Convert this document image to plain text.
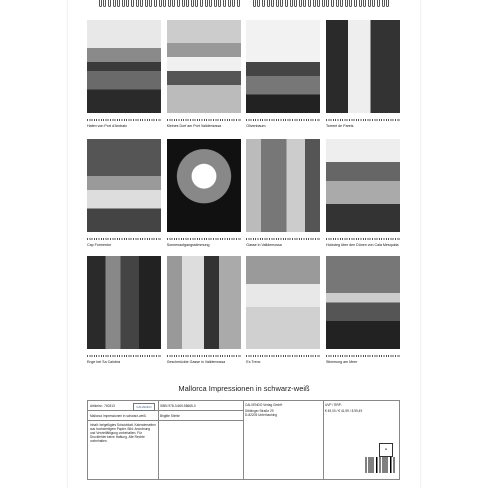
Hafen von Port d'Andratx	Kleines Dorf am Port Valldemossa	Olivenbaum	Torrent de Pareis
Cap Formentor	Sonnenaufgangsstimmung	Gasse in Valldemossa	Holzsteg über den Dünen von Cala Mesquida
Enge bei Sa Calobra	Geschmückte Gasse in Valldemossa	Es Trenc	Stimmung am Meer
Mallorca Impressionen in schwarz-weiß
Artikelnr.: 760313	CALVENDO
Mallorca Impressionen in schwarz-weiß
Inhalt: beigefügtes Schutzblatt. Kalenderseiten aus hochwertigem Papier. Bild: Anordnung und Vervielfältigung vorbehalten. Für Druckfehler keine Haftung. Alle Rechte vorbehalten.
ISBN 978-3-669-58665-0
Brigitte Stehle
CALVENDO Verlag GmbH
Dibbinger Straße 29
D-82205 Unterhaching
UVP / RRP:
€ 49,00 / € 41,99 / $ 59,49
♻
